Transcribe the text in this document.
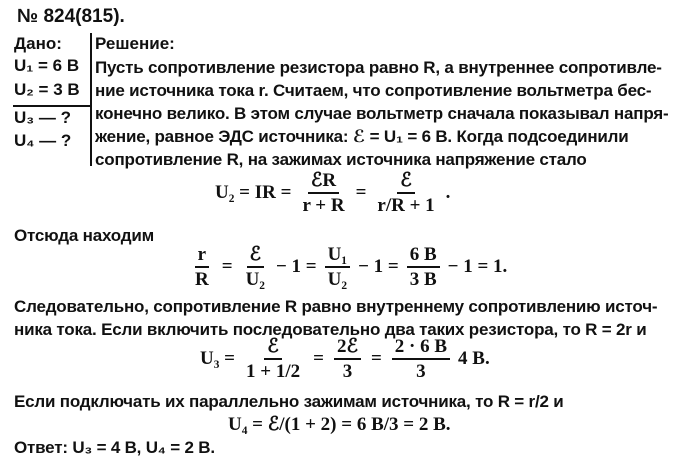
№ 824(815).
Дано: Решение:
U₁ = 6 В
U₂ = 3 В
U₃ — ?
U₄ — ?
Пусть сопротивление резистора равно R, а внутреннее сопротивле-
ние источника тока r. Считаем, что сопротивление вольтметра бес-
конечно велико. В этом случае вольтметр сначала показывал напря-
жение, равное ЭДС источника: ℰ = U₁ = 6 В. Когда подсоединили
сопротивление R, на зажимах источника напряжение стало
U₂ = IR = $\frac{\text{ℰR}}{r + R} = \frac{\text{ℰ}}{r/R + 1}$ .
Отсюда находим
$\frac{r}{R} = \frac{\text{ℰ}}{\text{U₂}} - 1 = \frac{\text{U₁}}{\text{U₂}} - 1 = \frac{6 В}{3 В} - 1 = 1$.
Следовательно, сопротивление R равно внутреннему сопротивлению источ-
ника тока. Если включить последовательно два таких резистора, то R = 2r и
$U_3 = \frac{\text{ℰ}}{1 + 1/2} = \frac{\text{2ℰ}}{3} = \frac{2 \cdot 6 В}{3} 4$ В.
Если подключать их параллельно зажимам источника, то R = r/2 и
U₄ = ℰ/(1 + 2) = 6 В/3 = 2 В.
Ответ: U₃ = 4 В, U₄ = 2 В.
